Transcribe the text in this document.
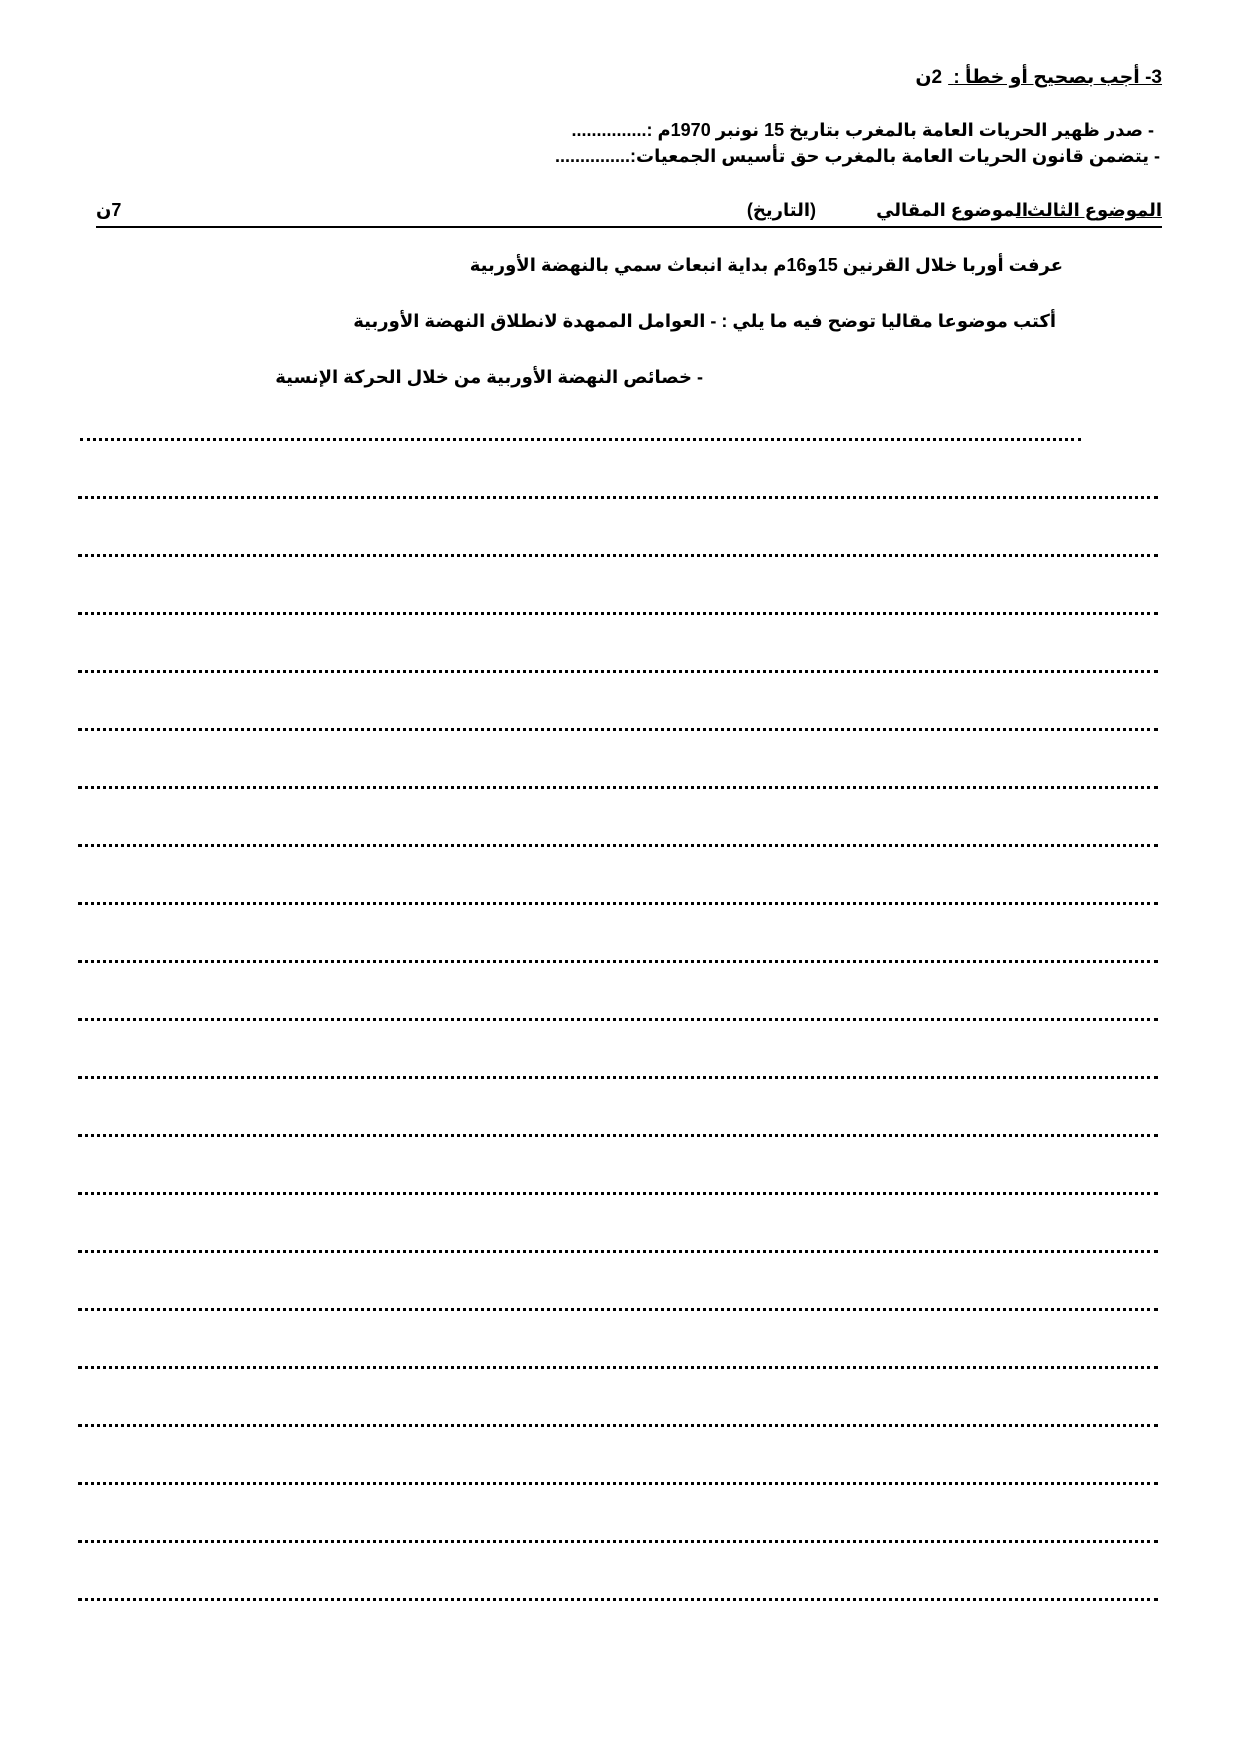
3- أجب بصحيح أو خطأ : 2ن
- صدر ظهير الحريات العامة بالمغرب بتاريخ 15 نونبر 1970م :...............
- يتضمن قانون الحريات العامة بالمغرب حق تأسيس الجمعيات:...............
الموضوع الثالث :
الموضوع المقالي
(التاريخ)
7ن
عرفت أوربا خلال القرنين 15و16م بداية انبعاث سمي بالنهضة الأوربية
أكتب موضوعا مقاليا توضح فيه ما يلي : - العوامل الممهدة لانطلاق النهضة الأوربية
- خصائص النهضة الأوربية من خلال الحركة الإنسية
